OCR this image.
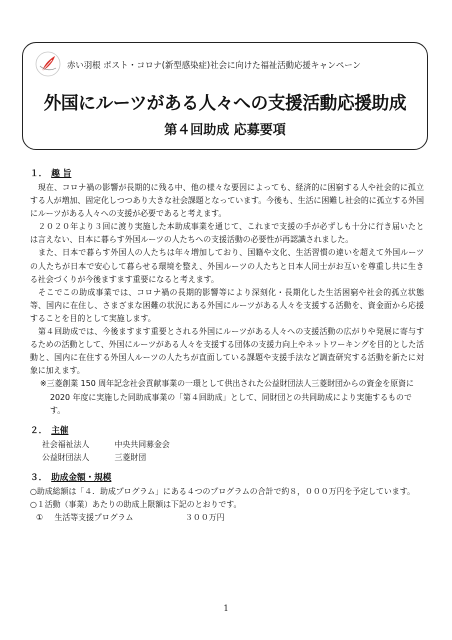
赤い羽根 ポスト・コロナ(新型感染症)社会に向けた福祉活動応援キャンペーン
外国にルーツがある人々への支援活動応援助成
第４回助成 応募要項
１． 趣 旨

現在、コロナ禍の影響が長期的に残る中、他の様々な要因によっても、経済的に困窮する人や社会的に孤立する人が増加、固定化しつつあり大きな社会課題となっています。今後も、生活に困難し社会的に孤立する外国にルーツがある人々への支援が必要であると考えます。

２０２０年より３回に渡り実施した本助成事業を通じて、これまで支援の手が必ずしも十分に行き届いたとは言えない、日本に暮らす外国ルーツの人たちへの支援活動の必要性が再認識されました。

また、日本で暮らす外国人の人たちは年々増加しており、国籍や文化、生活習慣の違いを超えて外国ルーツの人たちが日本で安心して暮らせる環境を整え、外国ルーツの人たちと日本人同士がお互いを尊重し共に生きる社会づくりが今後ますます重要になると考えます。

そこでこの助成事業では、コロナ禍の長期的影響等により深刻化・長期化した生活困窮や社会的孤立状態等、国内に在住し、さまざまな困難の状況にある外国にルーツがある人々を支援する活動を、資金面から応援することを目的として実施します。

第４回助成では、今後ますます重要とされる外国にルーツがある人々への支援活動の広がりや発展に寄与するための活動として、外国にルーツがある人々を支援する団体の支援力向上やネットワーキングを目的とした活動と、国内に在住する外国人ルーツの人たちが直面している課題や支援手法など調査研究する活動を新たに対象に加えます。

※三菱創業 150 周年記念社会貢献事業の一環として供出された公益財団法人三菱財団からの資金を原資に 2020 年度に実施した同助成事業の「第４回助成」として、同財団との共同助成により実施するものです。

２． 主催
社会福祉法人	中央共同募金会
公益財団法人	三菱財団
３． 助成金額・規模

○助成総額は「４．助成プログラム」にある４つのプログラムの合計で約８，０００万円を予定しています。

○１活動（事業）あたりの助成上限額は下記のとおりです。

① 生活等支援プログラム	３００万円
1
